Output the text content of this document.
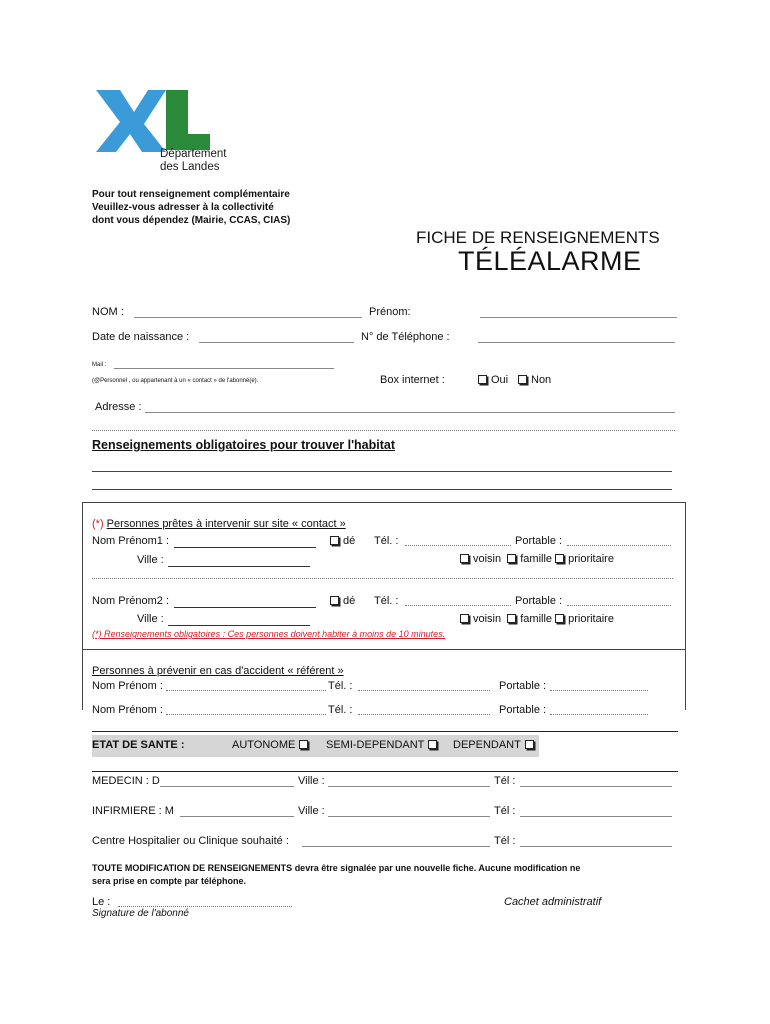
Département
des Landes
Pour tout renseignement complémentaire
Veuillez-vous adresser à la collectivité
dont vous dépendez (Mairie, CCAS, CIAS)
FICHE DE RENSEIGNEMENTS
TÉLÉALARME
NOM :	Prénom:
Date de naissance :	N° de Téléphone :
Mail :
(@Personnel , ou appartenant à un « contact » de l'abonné(e).	Box internet :	Oui	Non
Adresse :
Renseignements obligatoires pour trouver l'habitat
(*) Personnes prêtes à intervenir sur site « contact »
Nom Prénom1 :	dé Tél. :	Portable :
Ville :	voisin famille prioritaire
Nom Prénom2 :	dé Tél. :	Portable :
Ville :	voisin famille prioritaire
(*) Renseignements obligatoires : Ces personnes doivent habiter à moins de 10 minutes.
Personnes à prévenir en cas d'accident « référent »
Nom Prénom :	Tél. :	Portable :
Nom Prénom :	Tél. :	Portable :
ETAT DE SANTE :	AUTONOME	SEMI-DEPENDANT	DEPENDANT
MEDECIN : D	Ville :	Tél :
INFIRMIERE : M	Ville :	Tél :
Centre Hospitalier ou Clinique souhaité :	Tél :
TOUTE MODIFICATION DE RENSEIGNEMENTS devra être signalée par une nouvelle fiche. Aucune modification ne
sera prise en compte par téléphone.
Le :
Signature de l'abonné
Cachet administratif
